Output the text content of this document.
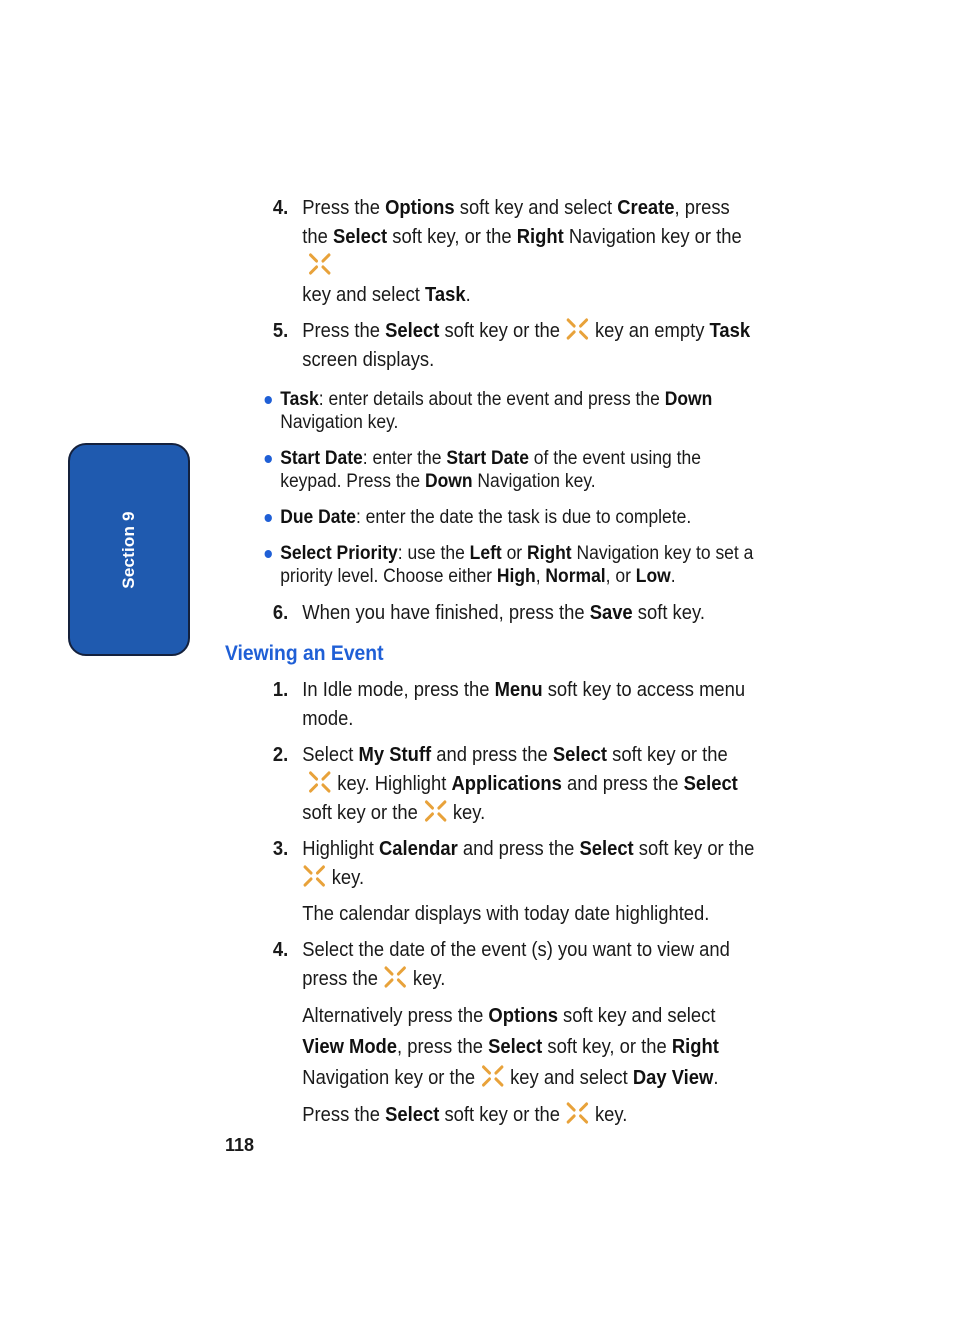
Section 9
4. Press the Options soft key and select Create, press the Select soft key, or the Right Navigation key or the
key and select Task.
5. Press the Select soft key or the key an empty Task screen displays.
Task: enter details about the event and press the Down Navigation key.
Start Date: enter the Start Date of the event using the keypad. Press the Down Navigation key.
Due Date: enter the date the task is due to complete.
Select Priority: use the Left or Right Navigation key to set a priority level. Choose either High, Normal, or Low.
6. When you have finished, press the Save soft key.
Viewing an Event
1. In Idle mode, press the Menu soft key to access menu mode.
2. Select My Stuff and press the Select soft key or thekey. Highlight Applications and press the Select soft key or the key.
3. Highlight Calendar and press the Select soft key or the
key.
The calendar displays with today date highlighted.
4. Select the date of the event (s) you want to view and press the key.
Alternatively press the Options soft key and select View Mode, press the Select soft key, or the Right Navigation key or the key and select Day View.
Press the Select soft key or the key.
118
